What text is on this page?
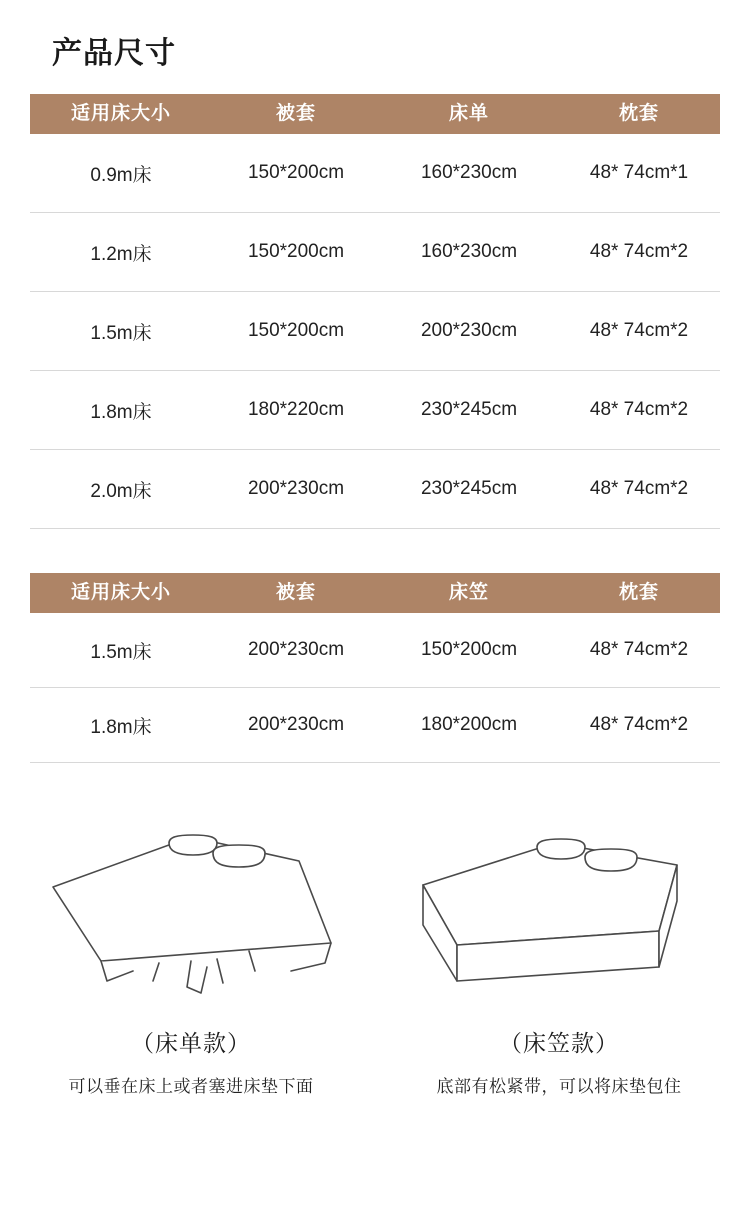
产品尺寸
适用床大小	被套	床单	枕套
0.9m床	150*200cm	160*230cm	48* 74cm*1
1.2m床	150*200cm	160*230cm	48* 74cm*2
1.5m床	150*200cm	200*230cm	48* 74cm*2
1.8m床	180*220cm	230*245cm	48* 74cm*2
2.0m床	200*230cm	230*245cm	48* 74cm*2
适用床大小	被套	床笠	枕套
1.5m床	200*230cm	150*200cm	48* 74cm*2
1.8m床	200*230cm	180*200cm	48* 74cm*2
（床单款）
可以垂在床上或者塞进床垫下面
（床笠款）
底部有松紧带，可以将床垫包住
